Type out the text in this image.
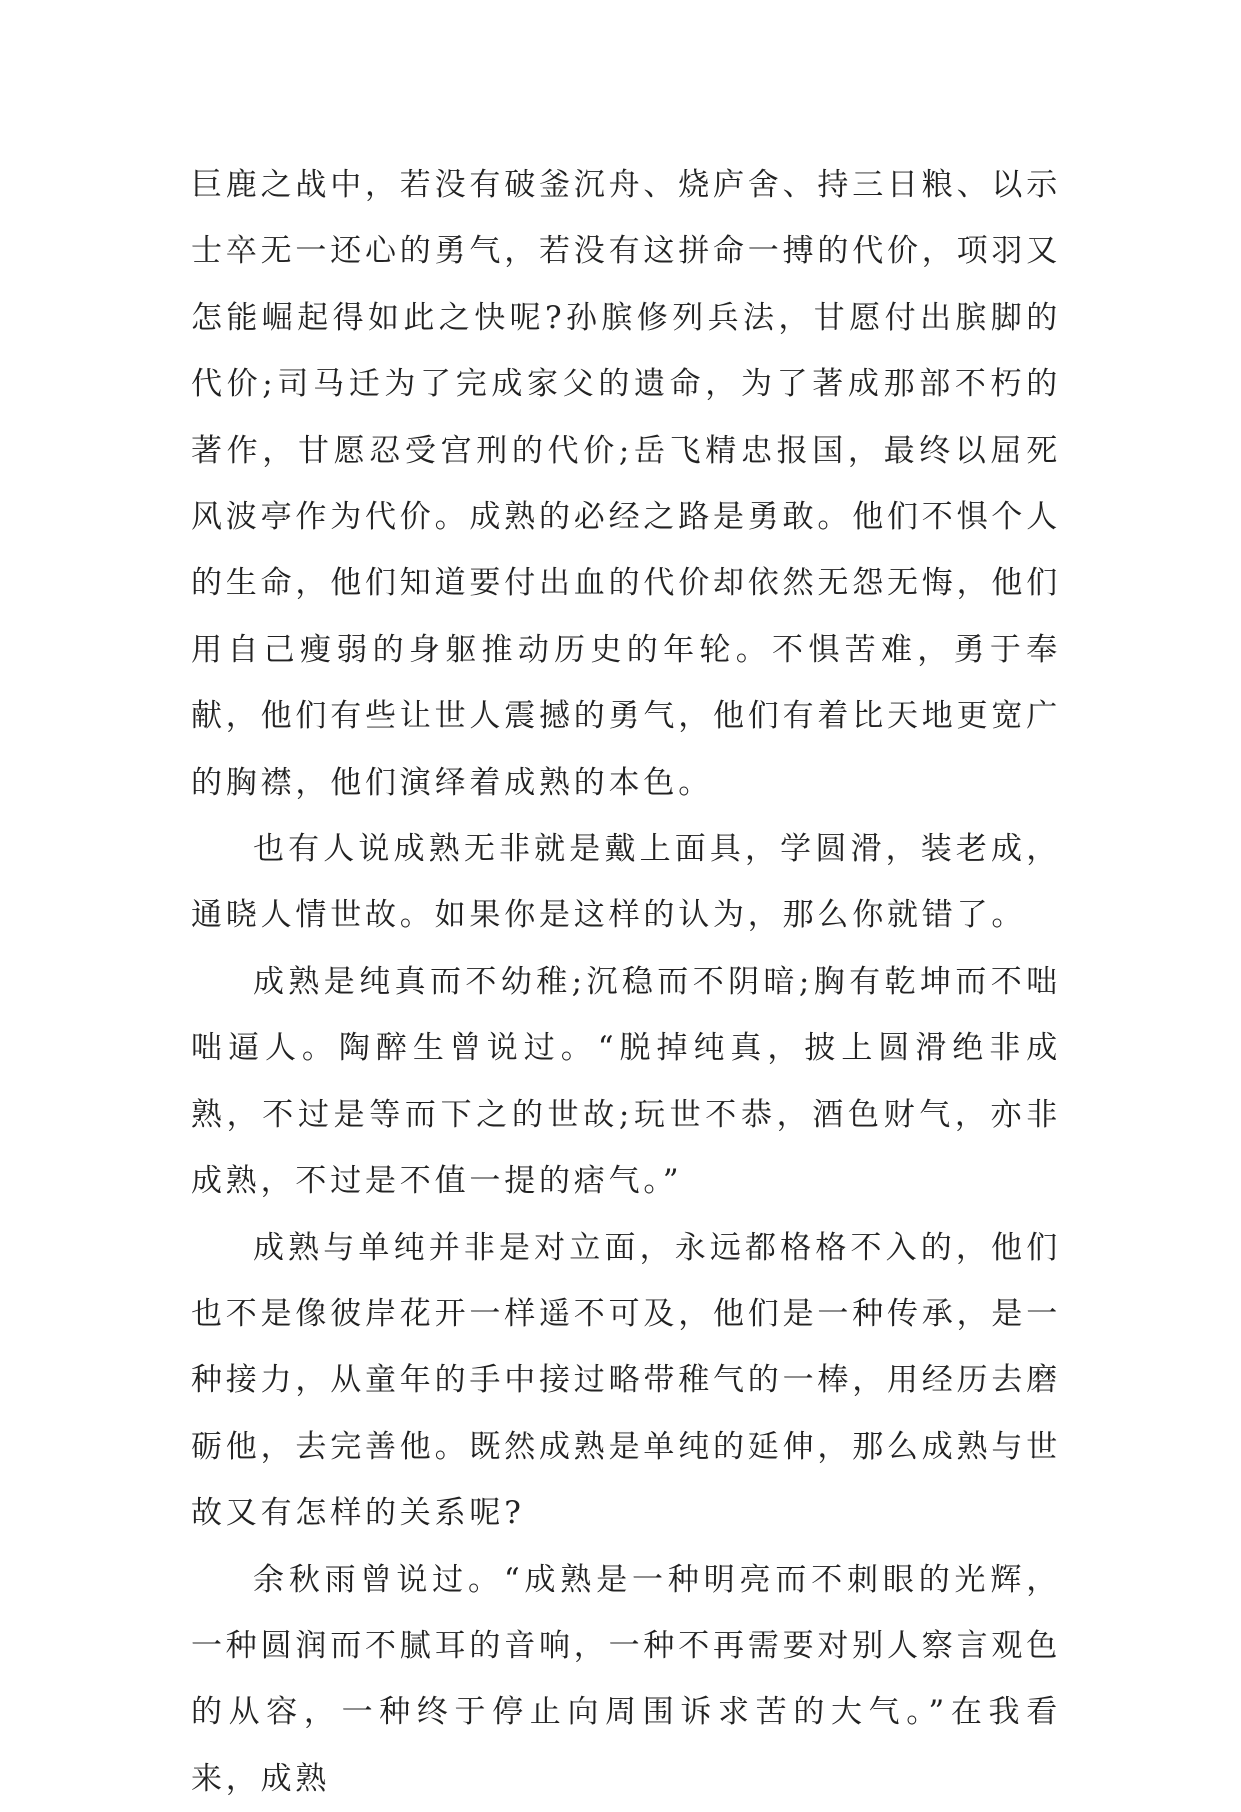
巨鹿之战中，若没有破釜沉舟、烧庐舍、持三日粮、以示士卒无一还心的勇气，若没有这拼命一搏的代价，项羽又怎能崛起得如此之快呢?孙膑修列兵法，甘愿付出膑脚的代价;司马迁为了完成家父的遗命，为了著成那部不朽的著作，甘愿忍受宫刑的代价;岳飞精忠报国，最终以屈死风波亭作为代价。成熟的必经之路是勇敢。他们不惧个人的生命，他们知道要付出血的代价却依然无怨无悔，他们用自己瘦弱的身躯推动历史的年轮。不惧苦难，勇于奉献，他们有些让世人震撼的勇气，他们有着比天地更宽广的胸襟，他们演绎着成熟的本色。

也有人说成熟无非就是戴上面具，学圆滑，装老成，通晓人情世故。如果你是这样的认为，那么你就错了。

成熟是纯真而不幼稚;沉稳而不阴暗;胸有乾坤而不咄咄逼人。陶醉生曾说过。“脱掉纯真，披上圆滑绝非成熟，不过是等而下之的世故;玩世不恭，酒色财气，亦非成熟，不过是不值一提的痞气。”

成熟与单纯并非是对立面，永远都格格不入的，他们也不是像彼岸花开一样遥不可及，他们是一种传承，是一种接力，从童年的手中接过略带稚气的一棒，用经历去磨砺他，去完善他。既然成熟是单纯的延伸，那么成熟与世故又有怎样的关系呢?

余秋雨曾说过。“成熟是一种明亮而不刺眼的光辉，一种圆润而不腻耳的音响，一种不再需要对别人察言观色的从容，一种终于停止向周围诉求苦的大气。”在我看来，成熟
